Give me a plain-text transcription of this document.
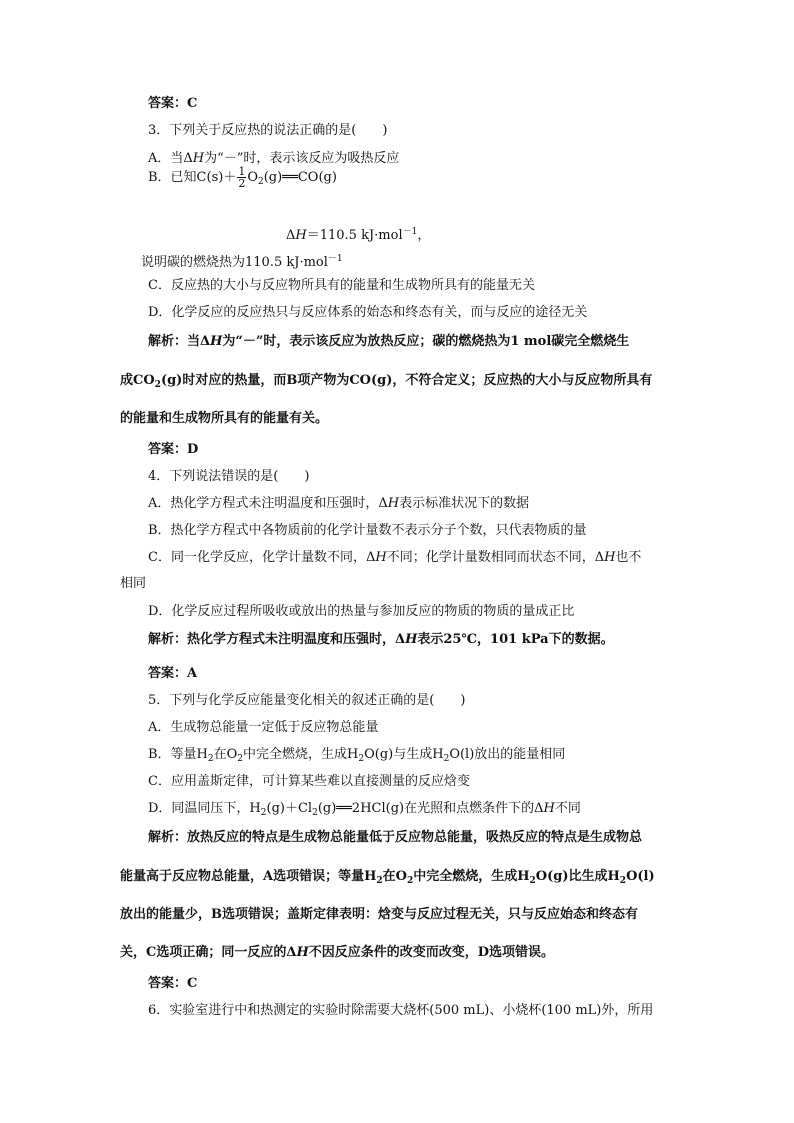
答案：C
3．下列关于反应热的说法正确的是(　　)
A．当ΔH为“－”时，表示该反应为吸热反应
B．已知$C(s)+ \frac{1}{2}$ $O_2(g)══CO(g)$
ΔH＝110.5 kJ·mol$^{-1}$，
说明碳的燃烧热为110.5 kJ·mol$^{-1}$
C．反应热的大小与反应物所具有的能量和生成物所具有的能量无关
D．化学反应的反应热只与反应体系的始态和终态有关，而与反应的途径无关
解析：当ΔH为“－”时，表示该反应为放热反应；碳的燃烧热为1 mol碳完全燃烧生
成$CO_2(g)$时对应的热量，而B项产物为CO(g)，不符合定义；反应热的大小与反应物所具有
的能量和生成物所具有的能量有关。
答案：D
4．下列说法错误的是(　　)
A．热化学方程式未注明温度和压强时，ΔH表示标准状况下的数据
B．热化学方程式中各物质前的化学计量数不表示分子个数，只代表物质的量
C．同一化学反应，化学计量数不同，ΔH不同；化学计量数相同而状态不同，ΔH也不
相同
D．化学反应过程所吸收或放出的热量与参加反应的物质的物质的量成正比
解析：热化学方程式未注明温度和压强时，ΔH表示25℃，101 kPa下的数据。
答案：A
5．下列与化学反应能量变化相关的叙述正确的是(　　)
A．生成物总能量一定低于反应物总能量
B．等量$H_2$在$O_2$中完全燃烧，生成$H_2O(g)$与生成$H_2O(l)$放出的能量相同
C．应用盖斯定律，可计算某些难以直接测量的反应焓变
D．同温同压下，$H_2(g)+Cl_2(g)══2HCl(g)$在光照和点燃条件下的ΔH不同
解析：放热反应的特点是生成物总能量低于反应物总能量，吸热反应的特点是生成物总
能量高于反应物总能量，A选项错误；等量$H_2$在$O_2$中完全燃烧，生成$H_2O(g)$比生成$H_2O(l)$
放出的能量少，B选项错误；盖斯定律表明：焓变与反应过程无关，只与反应始态和终态有
关，C选项正确；同一反应的ΔH不因反应条件的改变而改变，D选项错误。
答案：C
6．实验室进行中和热测定的实验时除需要大烧杯(500 mL)、小烧杯(100 mL)外，所用
